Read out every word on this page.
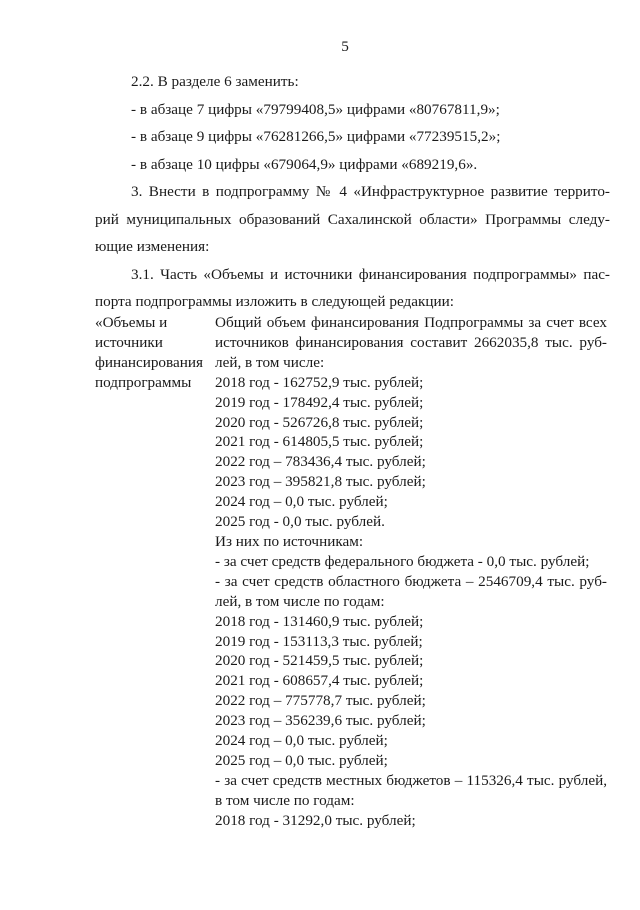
5

2.2. В разделе 6 заменить:
- в абзаце 7 цифры «79799408,5» цифрами «80767811,9»;
- в абзаце 9 цифры «76281266,5» цифрами «77239515,2»;
- в абзаце 10 цифры «679064,9» цифрами «689219,6».

3. Внести в подпрограмму № 4 «Инфраструктурное развитие террито-
рий муниципальных образований Сахалинской области» Программы следу-
ющие изменения:

3.1. Часть «Объемы и источники финансирования подпрограммы» пас-
порта подпрограммы изложить в следующей редакции:

«Объемы и
источники
финансирования
подпрограммы
Общий объем финансирования Подпрограммы за счет всех
источников финансирования составит 2662035,8 тыс. руб-
лей, в том числе:
2018 год - 162752,9 тыс. рублей;
2019 год - 178492,4 тыс. рублей;
2020 год - 526726,8 тыс. рублей;
2021 год - 614805,5 тыс. рублей;
2022 год – 783436,4 тыс. рублей;
2023 год – 395821,8 тыс. рублей;
2024 год – 0,0 тыс. рублей;
2025 год - 0,0 тыс. рублей.
Из них по источникам:
- за счет средств федерального бюджета - 0,0 тыс. рублей;
- за счет средств областного бюджета – 2546709,4 тыс. руб-
лей, в том числе по годам:
2018 год - 131460,9 тыс. рублей;
2019 год - 153113,3 тыс. рублей;
2020 год - 521459,5 тыс. рублей;
2021 год - 608657,4 тыс. рублей;
2022 год – 775778,7 тыс. рублей;
2023 год – 356239,6 тыс. рублей;
2024 год – 0,0 тыс. рублей;
2025 год – 0,0 тыс. рублей;
- за счет средств местных бюджетов – 115326,4 тыс. рублей,
в том числе по годам:
2018 год - 31292,0 тыс. рублей;
